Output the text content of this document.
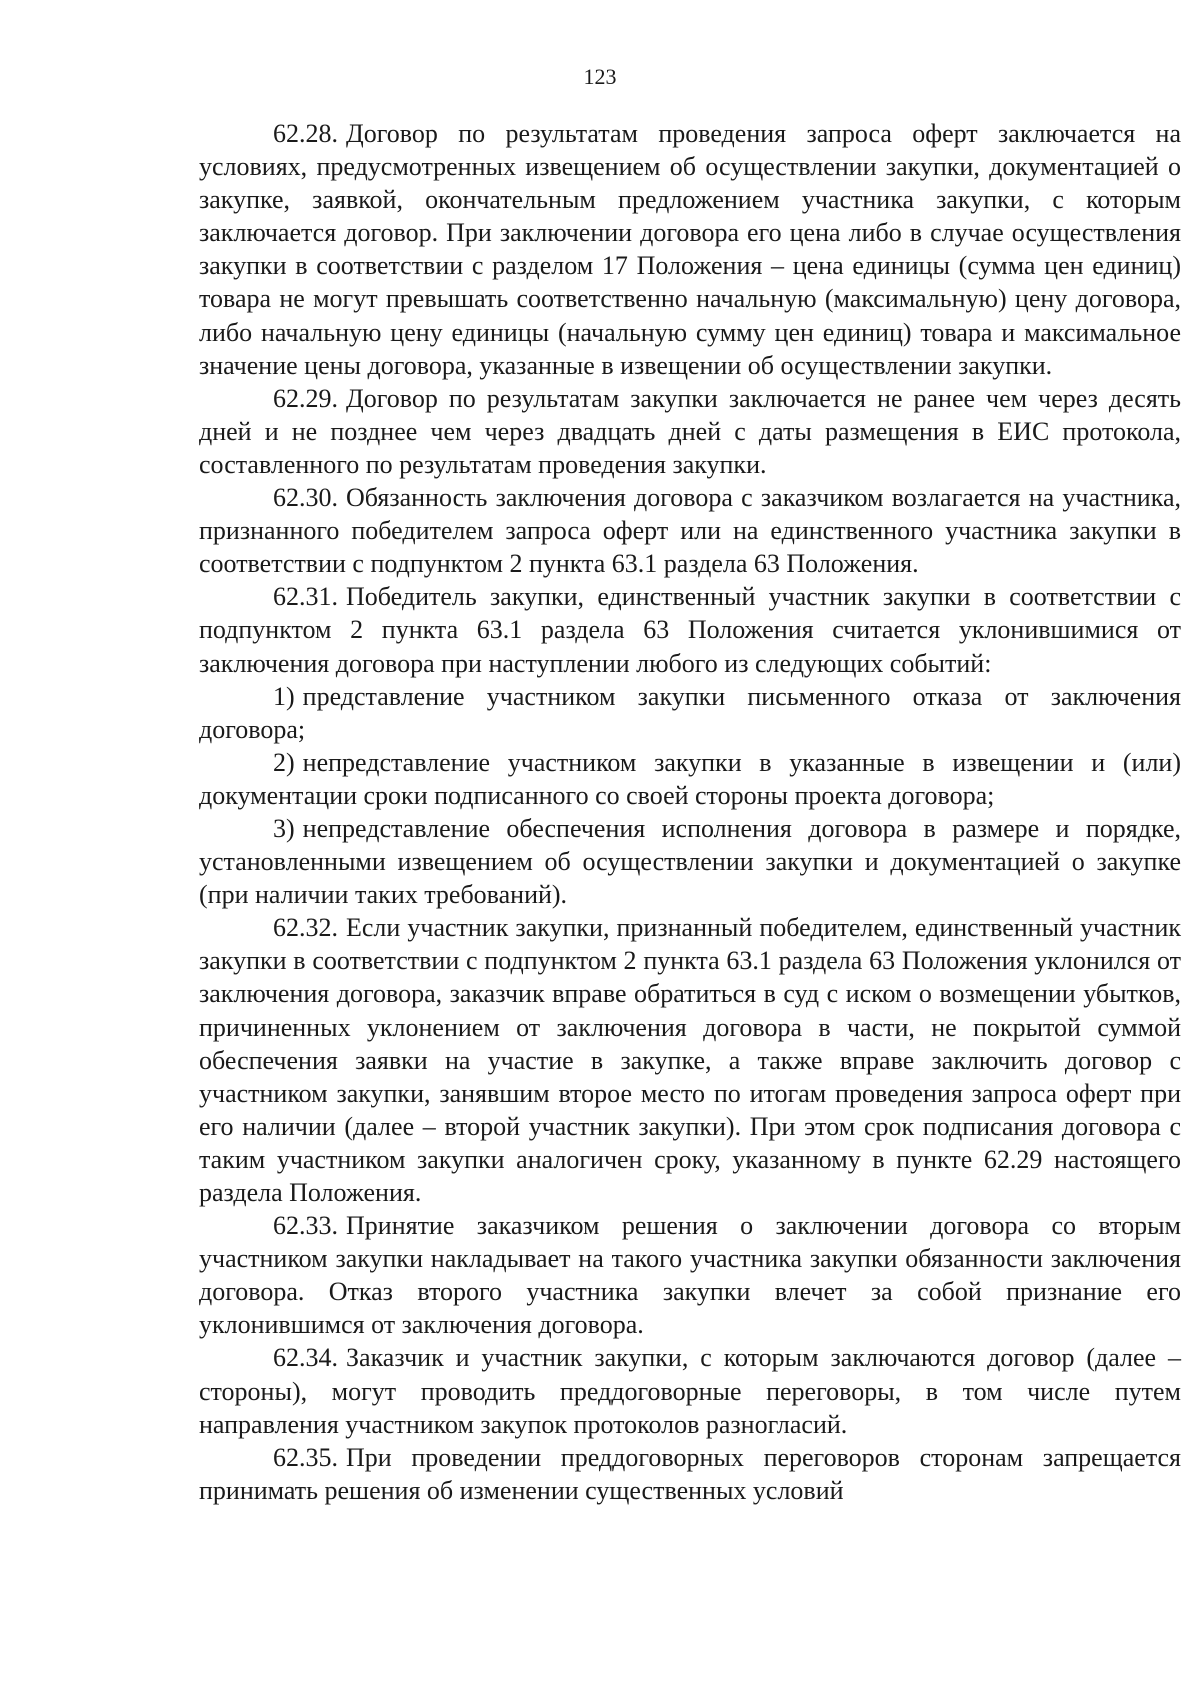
123

62.28. Договор по результатам проведения запроса оферт заключается на условиях, предусмотренных извещением об осуществлении закупки, документацией о закупке, заявкой, окончательным предложением участника закупки, с которым заключается договор. При заключении договора его цена либо в случае осуществления закупки в соответствии с разделом 17 Положения – цена единицы (сумма цен единиц) товара не могут превышать соответственно начальную (максимальную) цену договора, либо начальную цену единицы (начальную сумму цен единиц) товара и максимальное значение цены договора, указанные в извещении об осуществлении закупки.

62.29. Договор по результатам закупки заключается не ранее чем через десять дней и не позднее чем через двадцать дней с даты размещения в ЕИС протокола, составленного по результатам проведения закупки.

62.30. Обязанность заключения договора с заказчиком возлагается на участника, признанного победителем запроса оферт или на единственного участника закупки в соответствии с подпунктом 2 пункта 63.1 раздела 63 Положения.

62.31. Победитель закупки, единственный участник закупки в соответствии с подпунктом 2 пункта 63.1 раздела 63 Положения считается уклонившимися от заключения договора при наступлении любого из следующих событий:

1) представление участником закупки письменного отказа от заключения договора;

2) непредставление участником закупки в указанные в извещении и (или) документации сроки подписанного со своей стороны проекта договора;

3) непредставление обеспечения исполнения договора в размере и порядке, установленными извещением об осуществлении закупки и документацией о закупке (при наличии таких требований).

62.32. Если участник закупки, признанный победителем, единственный участник закупки в соответствии с подпунктом 2 пункта 63.1 раздела 63 Положения уклонился от заключения договора, заказчик вправе обратиться в суд с иском о возмещении убытков, причиненных уклонением от заключения договора в части, не покрытой суммой обеспечения заявки на участие в закупке, а также вправе заключить договор с участником закупки, занявшим второе место по итогам проведения запроса оферт при его наличии (далее – второй участник закупки). При этом срок подписания договора с таким участником закупки аналогичен сроку, указанному в пункте 62.29 настоящего раздела Положения.

62.33. Принятие заказчиком решения о заключении договора со вторым участником закупки накладывает на такого участника закупки обязанности заключения договора. Отказ второго участника закупки влечет за собой признание его уклонившимся от заключения договора.

62.34. Заказчик и участник закупки, с которым заключаются договор (далее – стороны), могут проводить преддоговорные переговоры, в том числе путем направления участником закупок протоколов разногласий.

62.35. При проведении преддоговорных переговоров сторонам запрещается принимать решения об изменении существенных условий
